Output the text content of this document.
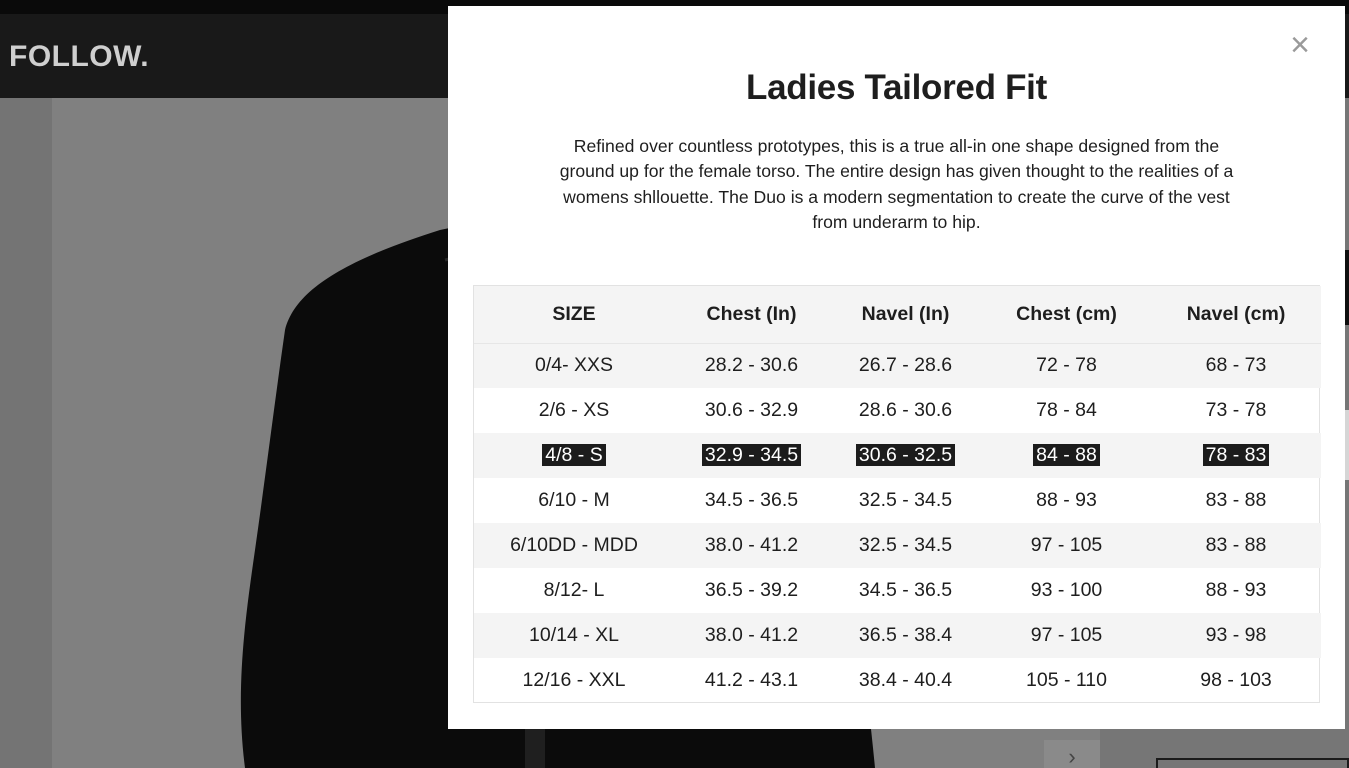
FOLLOW.
›
×
Ladies Tailored Fit

Refined over countless prototypes, this is a true all-in one shape designed from the ground up for the female torso. The entire design has given thought to the realities of a womens shllouette. The Duo is a modern segmentation to create the curve of the vest from underarm to hip.

SIZE	Chest (In)	Navel (In)	Chest (cm)	Navel (cm)
0/4- XXS	28.2 - 30.6	26.7 - 28.6	72 - 78	68 - 73
2/6 - XS	30.6 - 32.9	28.6 - 30.6	78 - 84	73 - 78
4/8 - S	32.9 - 34.5	30.6 - 32.5	84 - 88	78 - 83
6/10 - M	34.5 - 36.5	32.5 - 34.5	88 - 93	83 - 88
6/10DD - MDD	38.0 - 41.2	32.5 - 34.5	97 - 105	83 - 88
8/12- L	36.5 - 39.2	34.5 - 36.5	93 - 100	88 - 93
10/14 - XL	38.0 - 41.2	36.5 - 38.4	97 - 105	93 - 98
12/16 - XXL	41.2 - 43.1	38.4 - 40.4	105 - 110	98 - 103
